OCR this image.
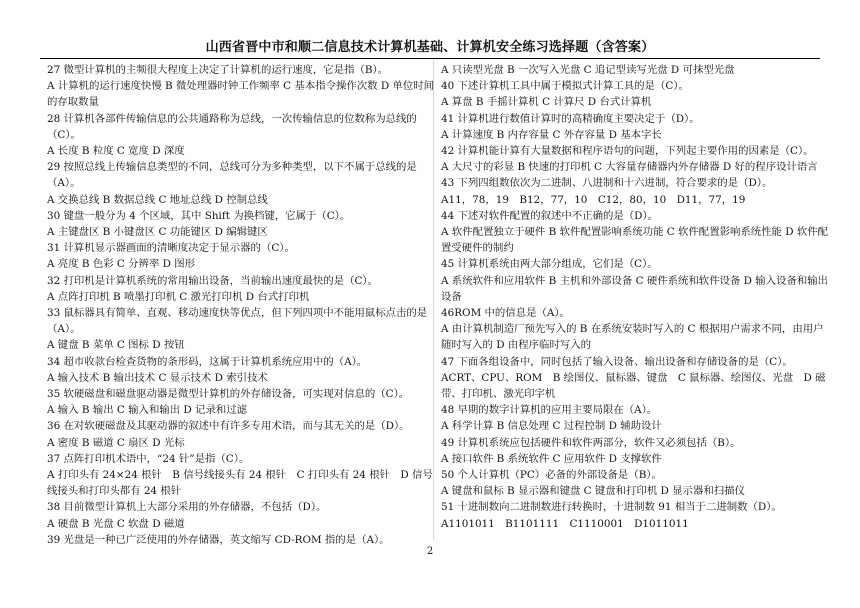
山西省晋中市和顺二信息技术计算机基础、计算机安全练习选择题（含答案）
27 微型计算机的主频很大程度上决定了计算机的运行速度，它是指（B）。
A 计算机的运行速度快慢 B 微处理器时钟工作频率 C 基本指令操作次数 D 单位时间的存取数量
28 计算机各部件传输信息的公共通路称为总线，一次传输信息的位数称为总线的（C）。
A 长度 B 粒度 C 宽度 D 深度
29 按照总线上传输信息类型的不同，总线可分为多种类型，以下不属于总线的是（A）。
A 交换总线 B 数据总线 C 地址总线 D 控制总线
30 键盘一般分为 4 个区域，其中 Shift 为换档键，它属于（C）。
A 主键盘区 B 小键盘区 C 功能键区 D 编辑键区
31 计算机显示器画面的清晰度决定于显示器的（C）。
A 亮度 B 色彩 C 分辨率 D 图形
32 打印机是计算机系统的常用输出设备，当前输出速度最快的是（C）。
A 点阵打印机 B 喷墨打印机 C 激光打印机 D 台式打印机
33 鼠标器具有简单、直观、移动速度快等优点，但下列四项中不能用鼠标点击的是（A）。
A 键盘 B 菜单 C 图标 D 按钮
34 超市收款台检查货物的条形码，这属于计算机系统应用中的（A）。
A 输入技术 B 输出技术 C 显示技术 D 索引技术
35 软硬磁盘和磁盘驱动器是微型计算机的外存储设备，可实现对信息的（C）。
A 输入 B 输出 C 输入和输出 D 记录和过滤
36 在对软硬磁盘及其驱动器的叙述中有许多专用术语，而与其无关的是（D）。
A 密度 B 磁道 C 扇区 D 光标
37 点阵打印机术语中，“24 针”是指（C）。
A 打印头有 24×24 根针　B 信号线接头有 24 根针　C 打印头有 24 根针　D 信号线接头和打印头都有 24 根针
38 目前微型计算机上大部分采用的外存储器，不包括（D）。
A 硬盘 B 光盘 C 软盘 D 磁道
39 光盘是一种已广泛使用的外存储器，英文缩写 CD-ROM 指的是（A）。
A 只读型光盘 B 一次写入光盘 C 追记型读写光盘 D 可抹型光盘
40 下述计算机工具中属于模拟式计算工具的是（C）。
A 算盘 B 手摇计算机 C 计算尺 D 台式计算机
41 计算机进行数值计算时的高精确度主要决定于（D）。
A 计算速度 B 内存容量 C 外存容量 D 基本字长
42 计算机能计算有大量数据和程序语句的问题，下列起主要作用的因素是（C）。
A 大尺寸的彩显 B 快速的打印机 C 大容量存储器内外存储器 D 好的程序设计语言
43 下列四组数依次为二进制、八进制和十六进制，符合要求的是（D）。
A11，78，19　B12，77，10　C12，80，10　D11，77，19
44 下述对软件配置的叙述中不正确的是（D）。
A 软件配置独立于硬件 B 软件配置影响系统功能 C 软件配置影响系统性能 D 软件配置受硬件的制约
45 计算机系统由两大部分组成，它们是（C）。
A 系统软件和应用软件 B 主机和外部设备 C 硬件系统和软件设备 D 输入设备和输出设备
46ROM 中的信息是（A）。
A 由计算机制造厂预先写入的 B 在系统安装时写入的 C 根据用户需求不同，由用户随时写入的 D 由程序临时写入的
47 下面各组设备中，同时包括了输入设备、输出设备和存储设备的是（C）。
ACRT、CPU、ROM　B 绘图仪、鼠标器、键盘　C 鼠标器、绘图仪、光盘　D 磁带、打印机、激光印字机
48 早期的数字计算机的应用主要局限在（A）。
A 科学计算 B 信息处理 C 过程控制 D 辅助设计
49 计算机系统应包括硬件和软件两部分，软件又必须包括（B）。
A 接口软件 B 系统软件 C 应用软件 D 支撑软件
50 个人计算机（PC）必备的外部设备是（B）。
A 键盘和鼠标 B 显示器和键盘 C 键盘和打印机 D 显示器和扫描仪
51 十进制数向二进制数进行转换时，十进制数 91 相当于二进制数（D）。
A1101011　B1101111　C1110001　D1011011
2
